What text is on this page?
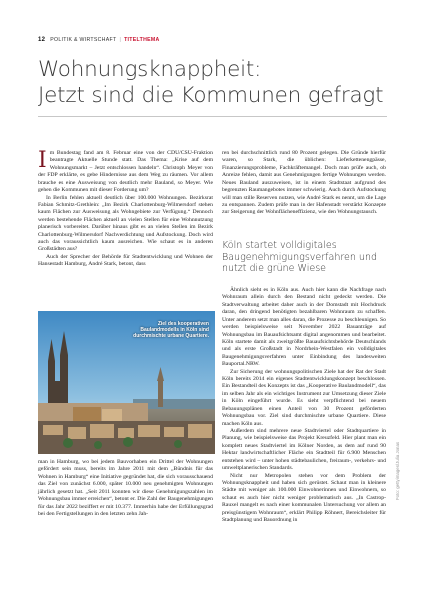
12 POLITIK & WIRTSCHAFT | TITELTHEMA
Wohnungsknappheit:
Jetzt sind die Kommunen gefragt

Im Bundestag fand am 8. Februar eine von der CDU/CSU-Fraktion beantragte Aktuelle Stunde statt. Das Thema: „Krise auf dem Wohnungsmarkt – Jetzt entschlossen handeln“. Christoph Meyer von der FDP erklärte, es gebe Hindernisse aus dem Weg zu räumen. Vor allem brauche es eine Ausweisung von deutlich mehr Bauland, so Meyer. Wie gehen die Kommunen mit dieser Forderung um?

In Berlin fehlen aktuell deutlich über 100.000 Wohnungen. Bezirksrat Fabian Schmitz-Grethlein: „Im Bezirk Charlottenburg-Wilmersdorf stehen kaum Flächen zur Ausweisung als Wohngebiete zur Verfügung.“ Dennoch werden bestehende Flächen aktuell an vielen Stellen für eine Wohnnutzung planerisch vorbereitet. Darüber hinaus gibt es an vielen Stellen im Bezirk Charlottenburg-Wilmersdorf Nachverdichtung und Aufstockung. Doch wird auch das voraussichtlich kaum ausreichen. Wie schaut es in anderen Großstädten aus?

Auch der Sprecher der Behörde für Stadtentwicklung und Wohnen der Hansestadt Hamburg, André Stark, betont, dass

Ziel des kooperativen Baulandmodells in Köln sind durchmischte urbane Quartiere.

man in Hamburg, wo bei jedem Bauvorhaben ein Drittel der Wohnungen gefördert sein muss, bereits im Jahre 2011 mit dem „Bündnis für das Wohnen in Hamburg“ eine Initiative gegründet hat, die sich vorausschauend das Ziel von zunächst 6.000, später 10.000 neu genehmigten Wohnungen jährlich gesetzt hat. „Seit 2011 konnten wir diese Genehmigungszahlen im Wohnungsbau immer erreichen“, betont er. Die Zahl der Baugenehmigungen für das Jahr 2022 beziffert er mit 10.377. Immerhin habe der Erfüllungsgrad bei den Fertigstellungen in den letzten zehn Jah-

ren bei durchschnittlich rund 80 Prozent gelegen. Die Gründe hierfür waren, so Stark, die üblichen: Lieferkettenengpässe, Finanzierungsprobleme, Fachkräftemangel. Doch man prüfe auch, ob Anreize fehlen, damit aus Genehmigungen fertige Wohnungen werden. Neues Bauland auszuweisen, ist in einem Stadtstaat aufgrund des begrenzten Raumangebotes immer schwierig. Auch durch Aufstockung will man stille Reserven nutzen, wie André Stark es nennt, um die Lage zu entspannen. Zudem prüfe man in der Hafenstadt verstärkt Konzepte zur Steigerung der Wohnflächeneffizienz, wie den Wohnungstausch.

Köln startet volldigitales Baugenehmigungsverfahren und nutzt die grüne Wiese

Ähnlich sieht es in Köln aus. Auch hier kann die Nachfrage nach Wohnraum allein durch den Bestand nicht gedeckt werden. Die Stadtverwaltung arbeitet daher auch in der Domstadt mit Hochdruck daran, den dringend benötigten bezahlbaren Wohnraum zu schaffen. Unter anderem setzt man alles daran, die Prozesse zu beschleunigen. So werden beispielsweise seit November 2022 Bauanträge auf Wohnungsbau im Bauaufsichtsamt digital angenommen und bearbeitet. Köln startete damit als zweitgrößte Bauaufsichtsbehörde Deutschlands und als erste Großstadt in Nordrhein-Westfalen ein volldigitales Baugenehmigungsverfahren unter Einbindung des landesweiten Bauportal.NRW.

Zur Sicherung der wohnungspolitischen Ziele hat der Rat der Stadt Köln bereits 2014 ein eigenes Stadtentwicklungskonzept beschlossen. Ein Bestandteil des Konzepts ist das „Kooperative Baulandmodell“, das im selben Jahr als ein wichtiges Instrument zur Umsetzung dieser Ziele in Köln eingeführt wurde. Es sieht verpflichtend bei neuem Bebauungsplänen einen Anteil von 30 Prozent geförderten Wohnungsbau vor. Ziel sind durchmischte urbane Quartiere. Diese machen Köln aus.

Außerdem sind mehrere neue Stadtviertel oder Stadtquartiere in Planung, wie beispielsweise das Projekt Kreuzfeld. Hier plant man ein komplett neues Stadtviertel im Kölner Norden, as dem auf rund 90 Hektar landwirtschaftlicher Fläche ein Stadtteil für 6.900 Menschen entstehen wird – unter hohen städtebaulichen, freiraum-, verkehrs- und umweltplanerischen Standards.

Nicht nur Metropolen stehen vor dem Problem der Wohnungsknappheit und haben sich gerüstet. Schaut man in kleinere Städte mit weniger als 100.000 Einwohnerinnen und Einwohnern, so schaut es auch hier nicht weniger problematisch aus. „In Castrop-Rauxel mangelt es nach einer kommunalen Untersuchung vor allem an preisgünstigem Wohnraum“, erklärt Philipp Röhnert, Bereichsleiter für Stadtplanung und Bauordnung in

Foto: gettyimages/Julia Jonas
